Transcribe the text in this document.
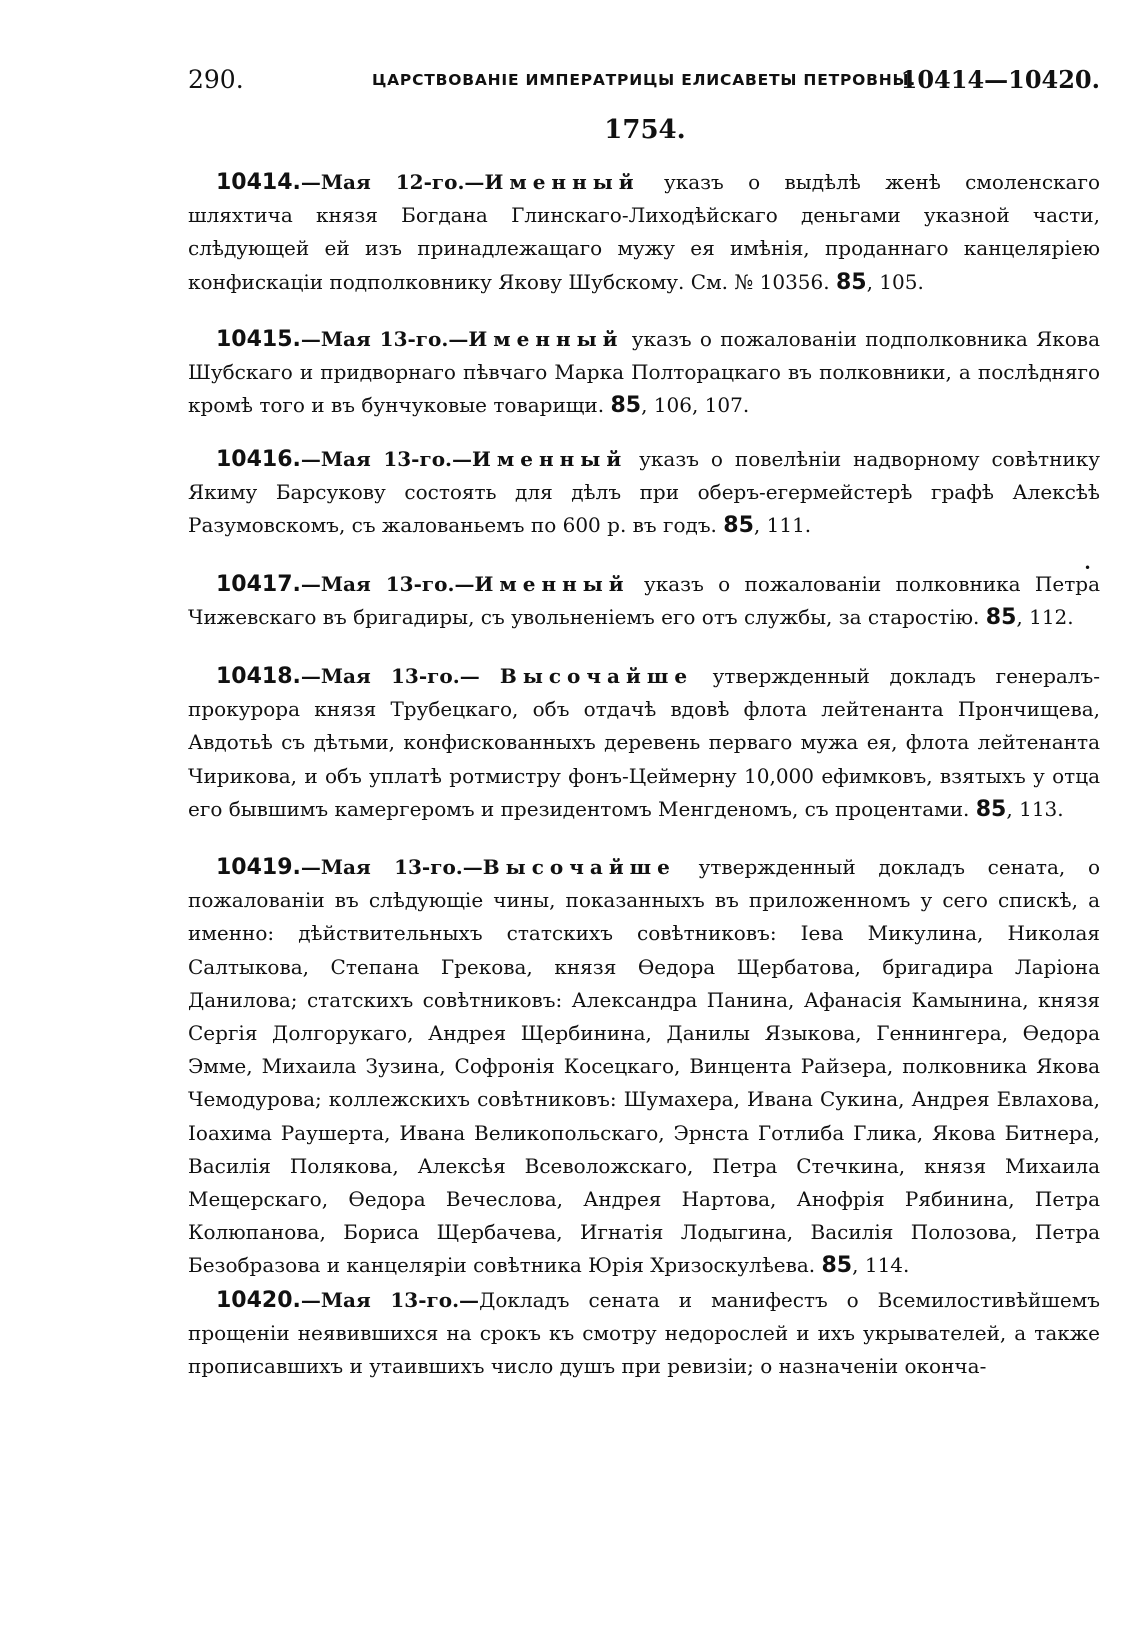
290.	ЦАРСТВОВАНІЕ ИМПЕРАТРИЦЫ ЕЛИСАВЕТЫ ПЕТРОВНЫ.
10414—10420.
1754.

10414.—Мая 12-го.—Именный указъ о выдѣлѣ женѣ смоленскаго шляхтича князя Богдана Глинскаго-Лиходѣйскаго деньгами указной части, слѣдующей ей изъ принадлежащаго мужу ея имѣнія, проданнаго канцеляріею конфискаціи подполковнику Якову Шубскому. См. № 10356. 85, 105.

10415.—Мая 13-го.—Именный указъ о пожалованіи подполковника Якова Шубскаго и придворнаго пѣвчаго Марка Полторацкаго въ полковники, а послѣдняго кромѣ того и въ бунчуковые товарищи. 85, 106, 107.

10416.—Мая 13-го.—Именный указъ о повелѣніи надворному совѣтнику Якиму Барсукову состоять для дѣлъ при оберъ-егермейстерѣ графѣ Алексѣѣ Разумовскомъ, съ жалованьемъ по 600 р. въ годъ. 85, 111.

•

10417.—Мая 13-го.—Именный указъ о пожалованіи полковника Петра Чижевскаго въ бригадиры, съ увольненіемъ его отъ службы, за старостію. 85, 112.

10418.—Мая 13-го.— Высочайше утвержденный докладъ генералъ-прокурора князя Трубецкаго, объ отдачѣ вдовѣ флота лейтенанта Прончищева, Авдотьѣ съ дѣтьми, конфискованныхъ деревень перваго мужа ея, флота лейтенанта Чирикова, и объ уплатѣ ротмистру фонъ-Цеймерну 10,000 ефимковъ, взятыхъ у отца его бывшимъ камергеромъ и президентомъ Менгденомъ, съ процентами. 85, 113.

10419.—Мая 13-го.—Высочайше утвержденный докладъ сената, о пожалованіи въ слѣдующіе чины, показанныхъ въ приложенномъ у сего спискѣ, а именно: дѣйствительныхъ статскихъ совѣтниковъ: Іева Микулина, Николая Салтыкова, Степана Грекова, князя Ѳедора Щербатова, бригадира Ларіона Данилова; статскихъ совѣтниковъ: Александра Панина, Афанасія Камынина, князя Сергія Долгорукаго, Андрея Щербинина, Данилы Языкова, Геннингера, Ѳедора Эмме, Михаила Зузина, Софронія Косецкаго, Винцента Райзера, полковника Якова Чемодурова; коллежскихъ совѣтниковъ: Шумахера, Ивана Сукина, Андрея Евлахова, Іоахима Раушерта, Ивана Великопольскаго, Эрнста Готлиба Глика, Якова Битнера, Василія Полякова, Алексѣя Всеволожскаго, Петра Стечкина, князя Михаила Мещерскаго, Ѳедора Вечеслова, Андрея Нартова, Анофрія Рябинина, Петра Колюпанова, Бориса Щербачева, Игнатія Лодыгина, Василія Полозова, Петра Безобразова и канцеляріи совѣтника Юрія Хризоскулѣева. 85, 114.

10420.—Мая 13-го.—Докладъ сената и манифестъ о Всемилостивѣйшемъ прощеніи неявившихся на срокъ къ смотру недорослей и ихъ укрывателей, а также прописавшихъ и утаившихъ число душъ при ревизіи; о назначеніи оконча-
